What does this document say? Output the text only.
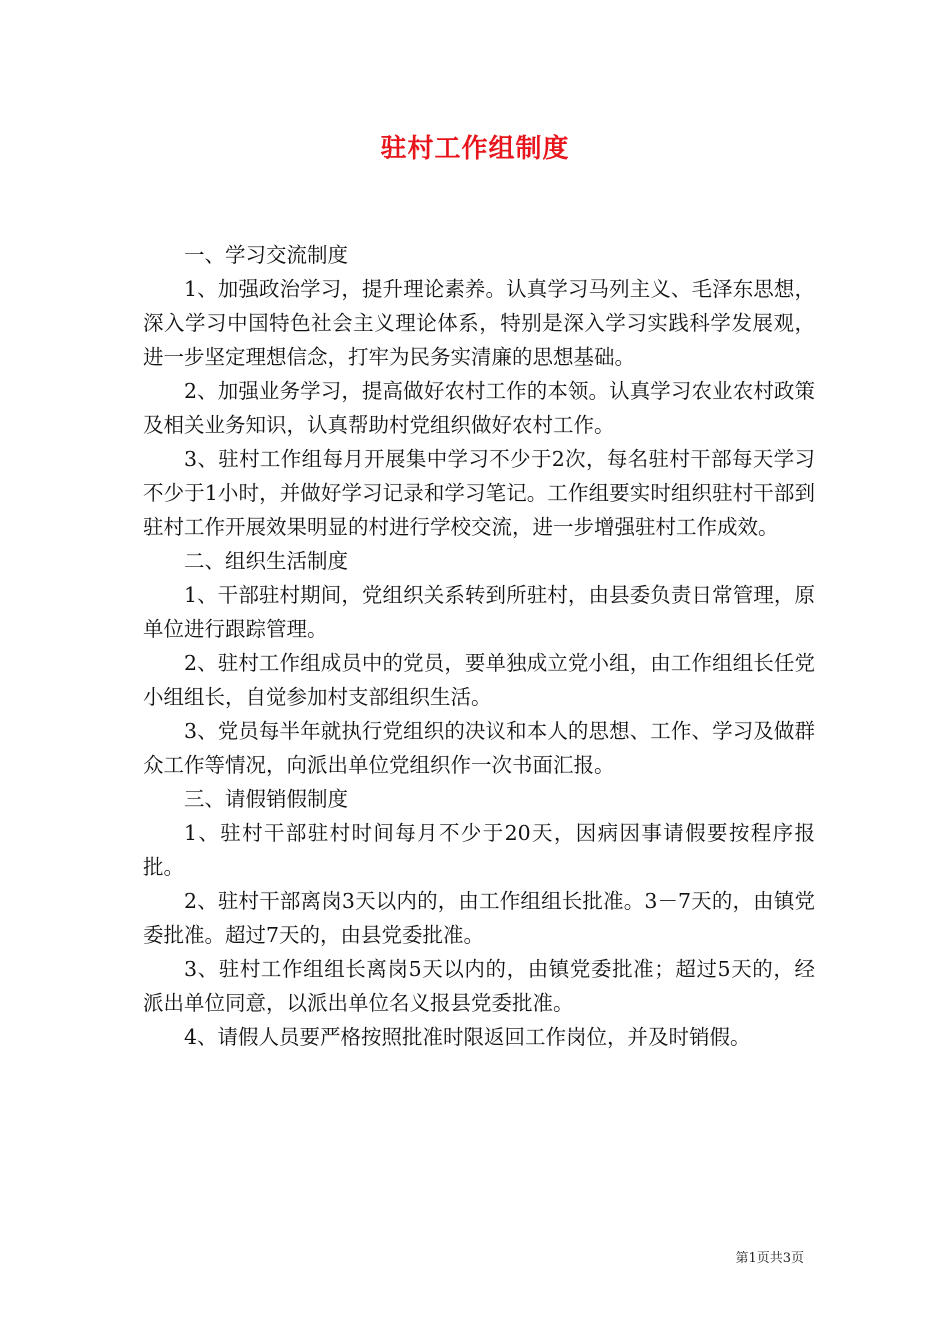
驻村工作组制度

一、学习交流制度

1、加强政治学习，提升理论素养。认真学习马列主义、毛泽东思想，深入学习中国特色社会主义理论体系，特别是深入学习实践科学发展观，进一步坚定理想信念，打牢为民务实清廉的思想基础。

2、加强业务学习，提高做好农村工作的本领。认真学习农业农村政策及相关业务知识，认真帮助村党组织做好农村工作。

3、驻村工作组每月开展集中学习不少于2次，每名驻村干部每天学习不少于1小时，并做好学习记录和学习笔记。工作组要实时组织驻村干部到驻村工作开展效果明显的村进行学校交流，进一步增强驻村工作成效。

二、组织生活制度

1、干部驻村期间，党组织关系转到所驻村，由县委负责日常管理，原单位进行跟踪管理。

2、驻村工作组成员中的党员，要单独成立党小组，由工作组组长任党小组组长，自觉参加村支部组织生活。

3、党员每半年就执行党组织的决议和本人的思想、工作、学习及做群众工作等情况，向派出单位党组织作一次书面汇报。

三、请假销假制度

1、驻村干部驻村时间每月不少于20天，因病因事请假要按程序报批。

2、驻村干部离岗3天以内的，由工作组组长批准。3－7天的，由镇党委批准。超过7天的，由县党委批准。

3、驻村工作组组长离岗5天以内的，由镇党委批准；超过5天的，经派出单位同意，以派出单位名义报县党委批准。

4、请假人员要严格按照批准时限返回工作岗位，并及时销假。

第1页共3页
